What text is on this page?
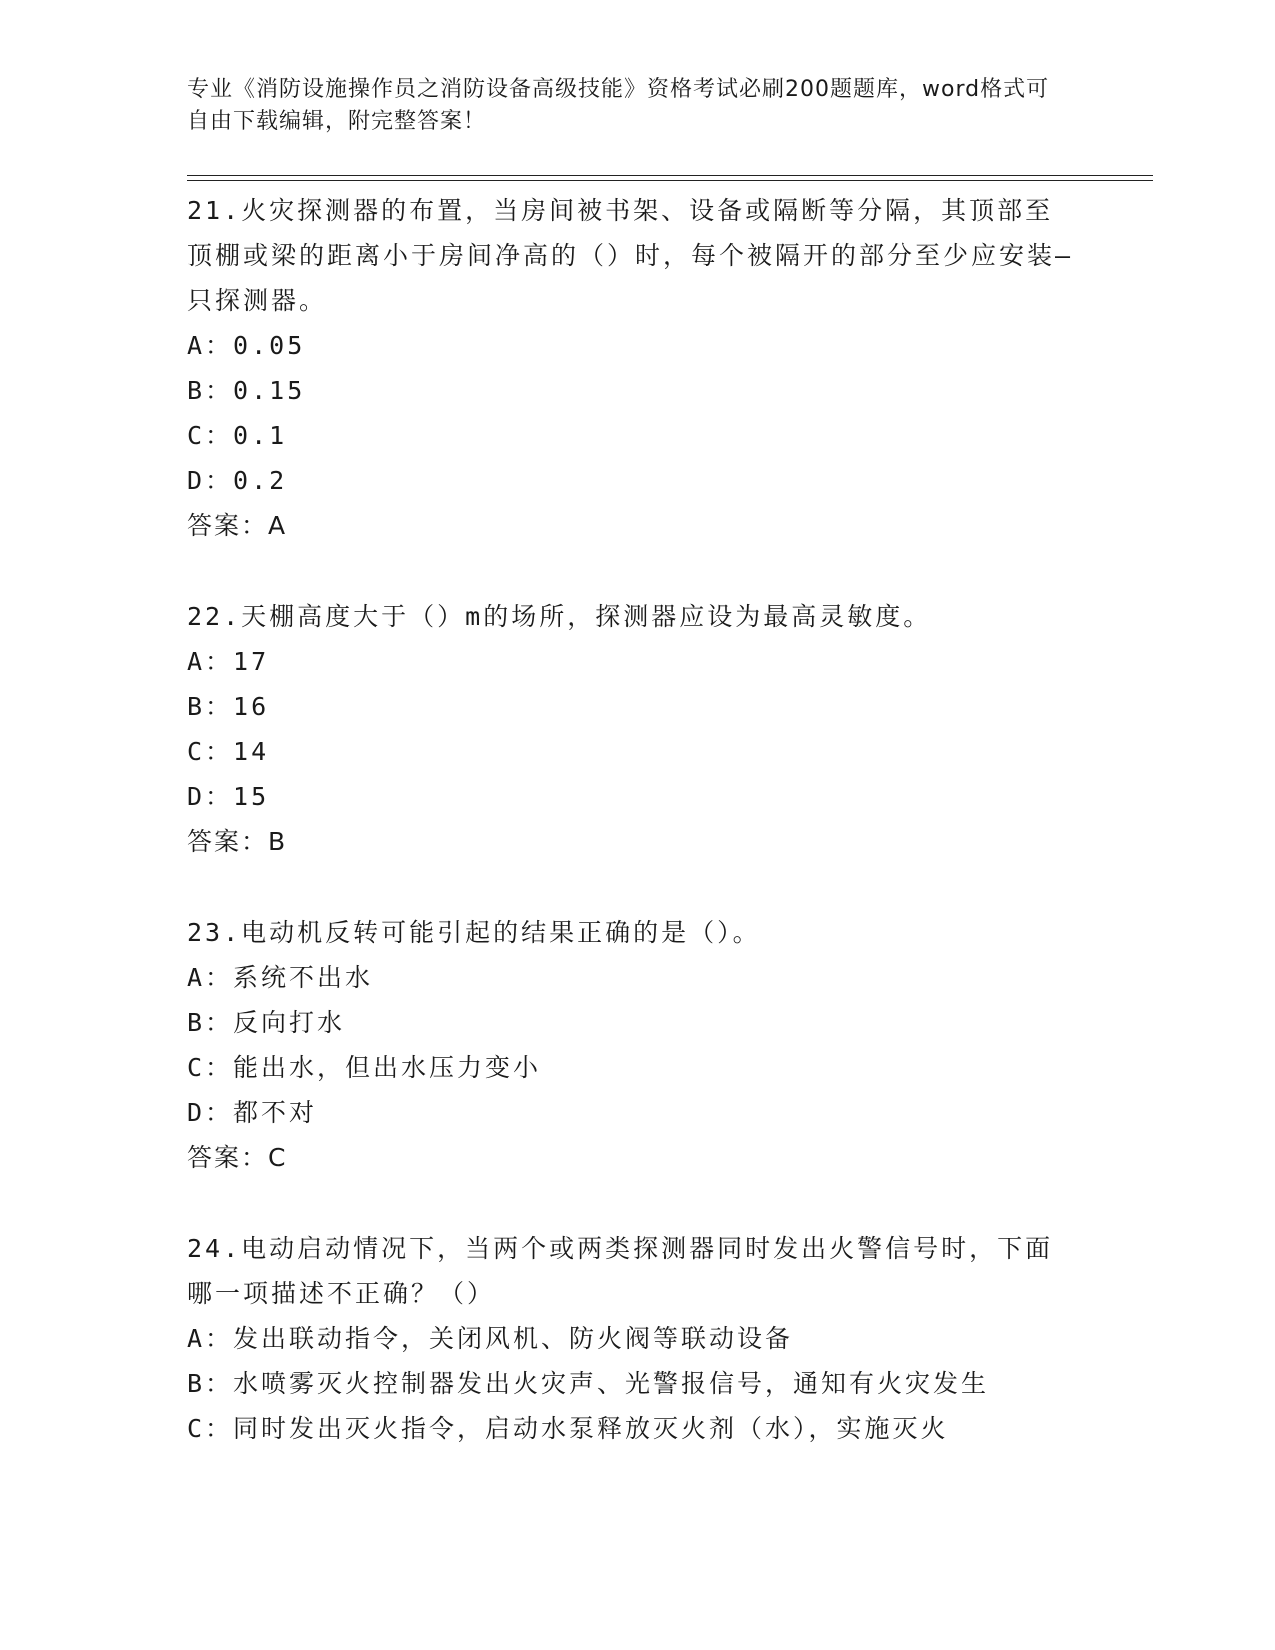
专业《消防设施操作员之消防设备高级技能》资格考试必刷200题题库，word格式可自由下载编辑，附完整答案！

21.火灾探测器的布置，当房间被书架、设备或隔断等分隔，其顶部至顶棚或梁的距离小于房间净高的（）时，每个被隔开的部分至少应安装—只探测器。

A：0.05

B：0.15

C：0.1

D：0.2

答案：A

22.天棚高度大于（）m的场所，探测器应设为最高灵敏度。

A：17

B：16

C：14

D：15

答案：B

23.电动机反转可能引起的结果正确的是（）。

A：系统不出水

B：反向打水

C：能出水，但出水压力变小

D：都不对

答案：C

24.电动启动情况下，当两个或两类探测器同时发出火警信号时，下面哪一项描述不正确？（）

A：发出联动指令，关闭风机、防火阀等联动设备

B：水喷雾灭火控制器发出火灾声、光警报信号，通知有火灾发生

C：同时发出灭火指令，启动水泵释放灭火剂（水），实施灭火
